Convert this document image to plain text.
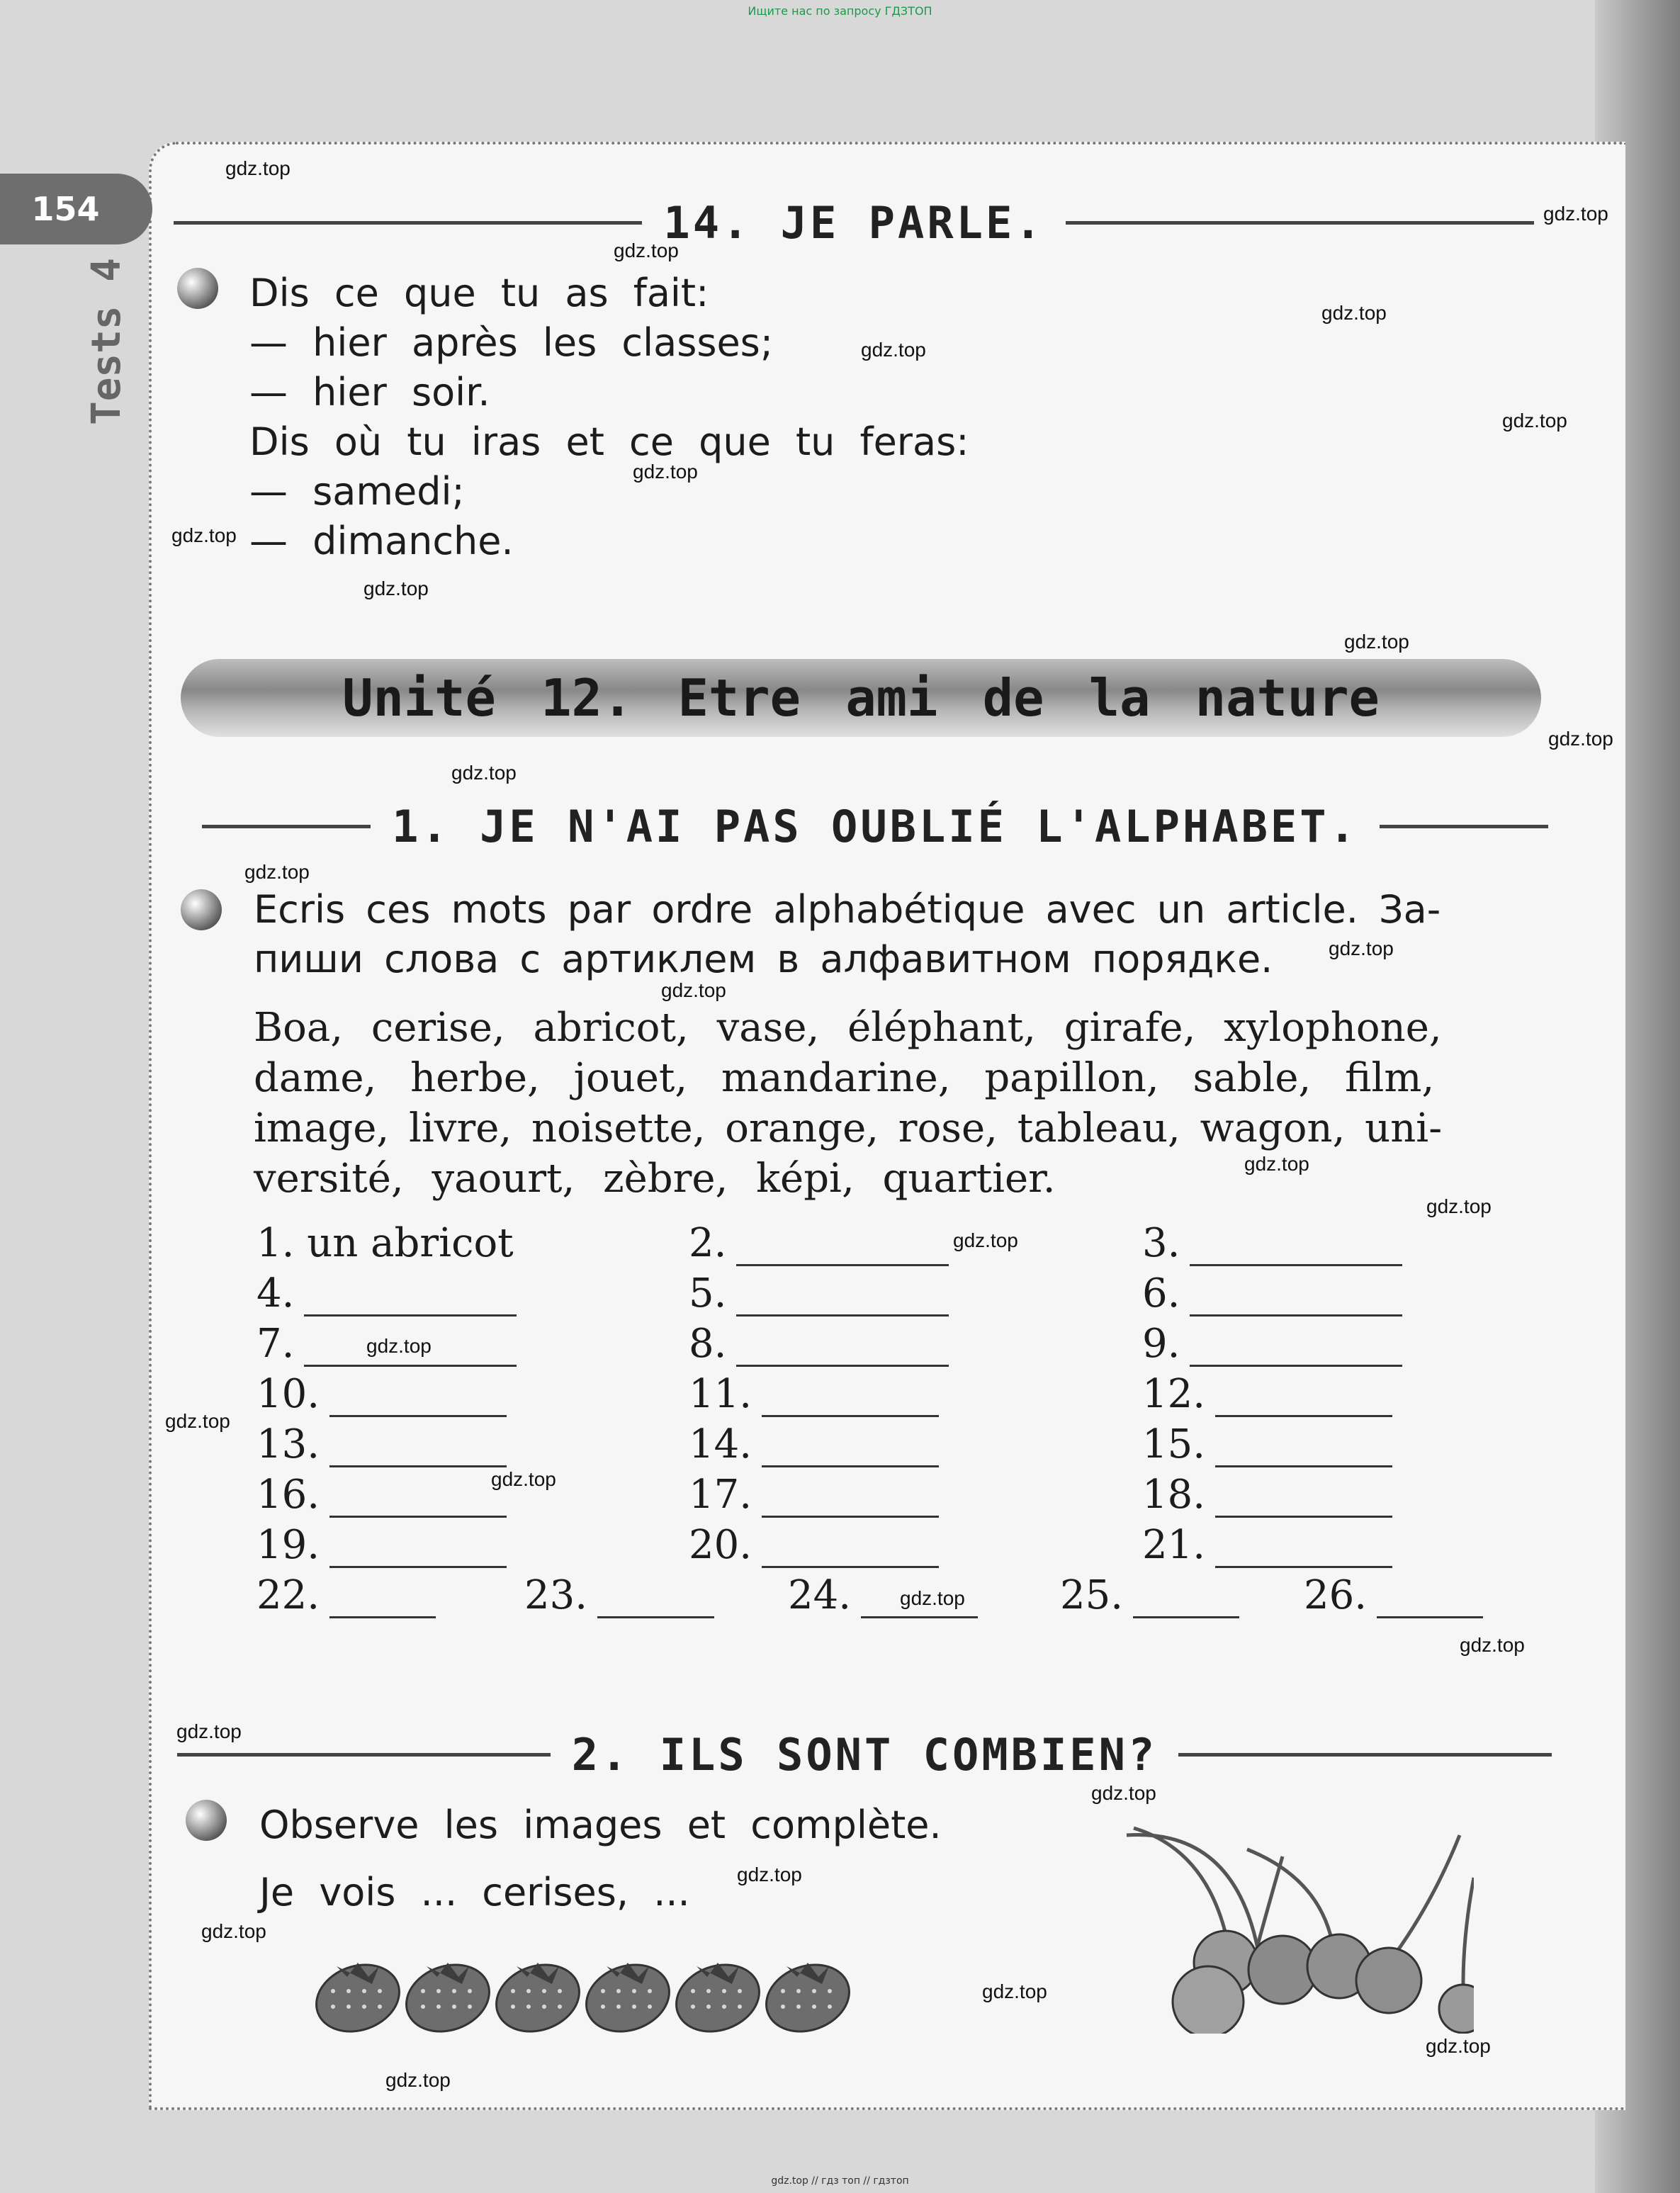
Ищите нас по запросу ГДЗТОП
154
Tests 4
14. JE PARLE.
Dis ce que tu as fait:
— hier après les classes;
— hier soir.
Dis où tu iras et ce que tu feras:
— samedi;
— dimanche.
Unité 12. Etre ami de la nature
1. JE N'AI PAS OUBLIÉ L'ALPHABET.
Ecris ces mots par ordre alphabétique avec un article. За-
пиши слова с артиклем в алфавитном порядке.
Boa, cerise, abricot, vase, éléphant, girafe, xylophone,
dame, herbe, jouet, mandarine, papillon, sable, film,
image, livre, noisette, orange, rose, tableau, wagon, uni-
versité, yaourt, zèbre, képi, quartier.
1. un abricot	2.	3.
4.	5.	6.
7.	8.	9.
10.	11.	12.
13.	14.	15.
16.	17.	18.
19.	20.	21.
22.	23.	24.	25.	26.
2. ILS SONT COMBIEN?
Observe les images et complète.
Je vois ... cerises, ...
gdz.top // гдз топ // гдзтоп
gdz.top
gdz.top
gdz.top
gdz.top
gdz.top
gdz.top
gdz.top
gdz.top
gdz.top
gdz.top
gdz.top
gdz.top
gdz.top
gdz.top
gdz.top
gdz.top
gdz.top
gdz.top
gdz.top
gdz.top
gdz.top
gdz.top
gdz.top
gdz.top
gdz.top
gdz.top
gdz.top
gdz.top
gdz.top
gdz.top
